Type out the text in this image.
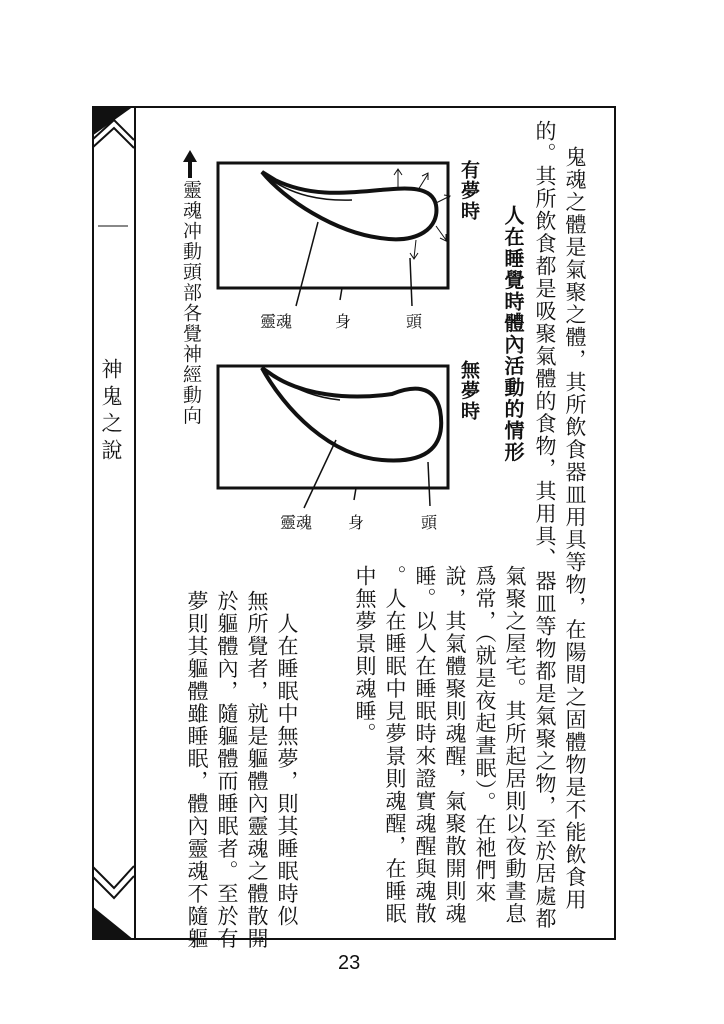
神鬼之說	鬼魂之體是氣聚之體，其所飲食器皿用具等物，在陽間之固體物是不能飲食用
的。其所飲食都是吸聚氣體的食物，其用具、器皿等物都是氣聚之物，至於居處都
氣聚之屋宅。其所起居則以夜動晝息
爲常，（就是夜起晝眠）。在祂們來
說，其氣體聚則魂醒，氣聚散開則魂
睡。以人在睡眠時來證實魂醒與魂散
。人在睡眠中見夢景則魂醒，在睡眠
中無夢景則魂睡。
　人在睡眠中無夢，則其睡眠時似
無所覺者，就是軀體內靈魂之體散開
於軀體內，隨軀體而睡眠者。至於有
夢則其軀體雖睡眠，體內靈魂不隨軀
人在睡覺時體內活動的情形
有夢時
無夢時
靈魂冲動頭部各覺神經動向	靈魂	身	頭
靈魂 身	頭
23
